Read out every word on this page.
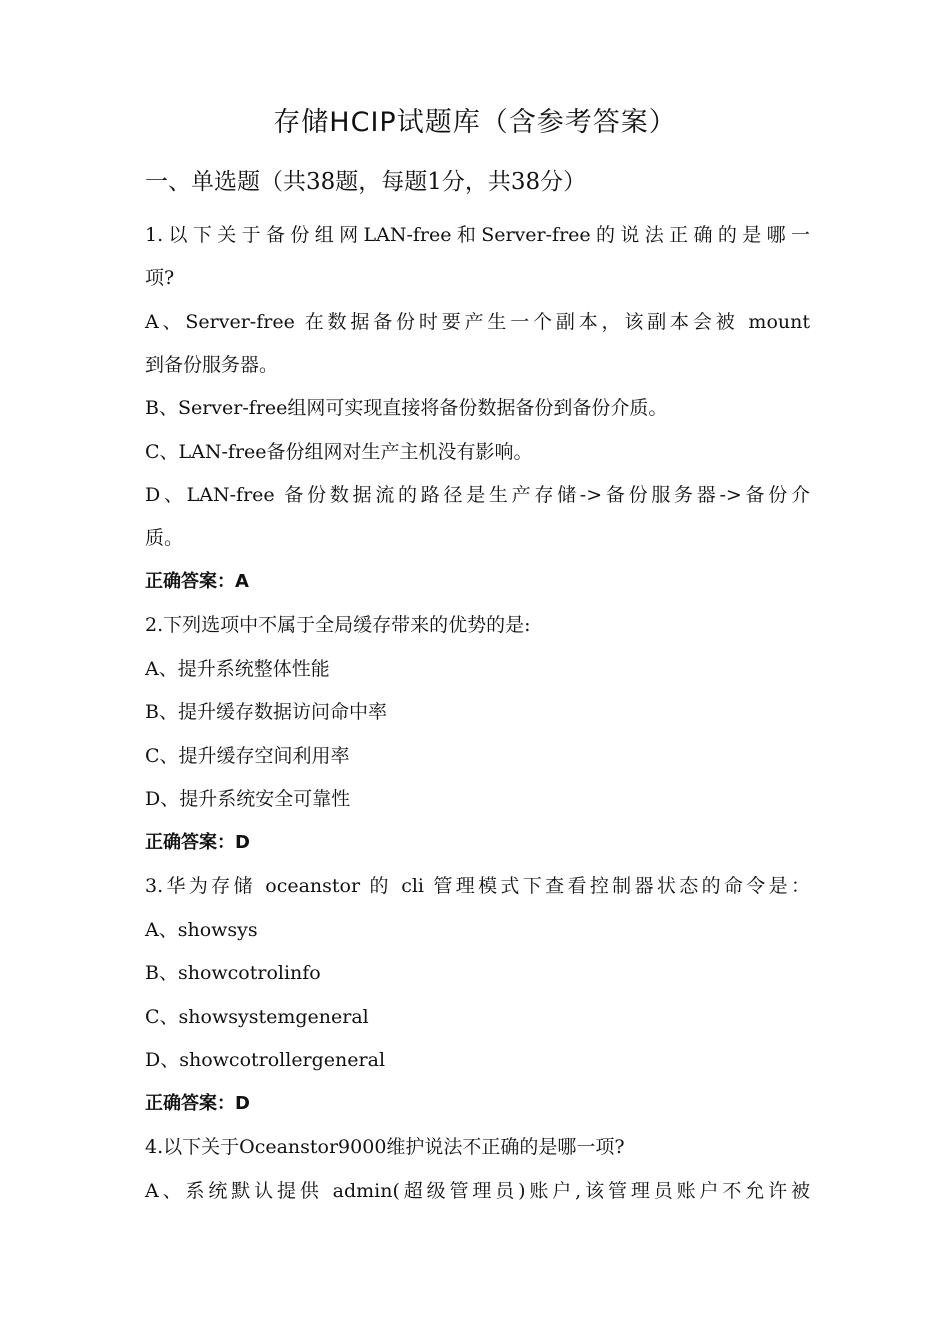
存储HCIP试题库（含参考答案）
一、单选题（共38题，每题1分，共38分）

1.以下关于备份组网LAN-free和Server-free的说法正确的是哪一

项?

A、Server-free 在数据备份时要产生一个副本，该副本会被 mount

到备份服务器。

B、Server-free组网可实现直接将备份数据备份到备份介质。

C、LAN-free备份组网对生产主机没有影响。

D、LAN-free 备份数据流的路径是生产存储->备份服务器->备份介

质。

正确答案：A

2.下列选项中不属于全局缓存带来的优势的是:

A、提升系统整体性能

B、提升缓存数据访问命中率

C、提升缓存空间利用率

D、提升系统安全可靠性

正确答案：D

3.华为存储 oceanstor 的 cli 管理模式下查看控制器状态的命令是：

A、showsys

B、showcotrolinfo

C、showsystemgeneral

D、showcotrollergeneral

正确答案：D

4.以下关于Oceanstor9000维护说法不正确的是哪一项?

A、系统默认提供 admin(超级管理员)账户,该管理员账户不允许被
